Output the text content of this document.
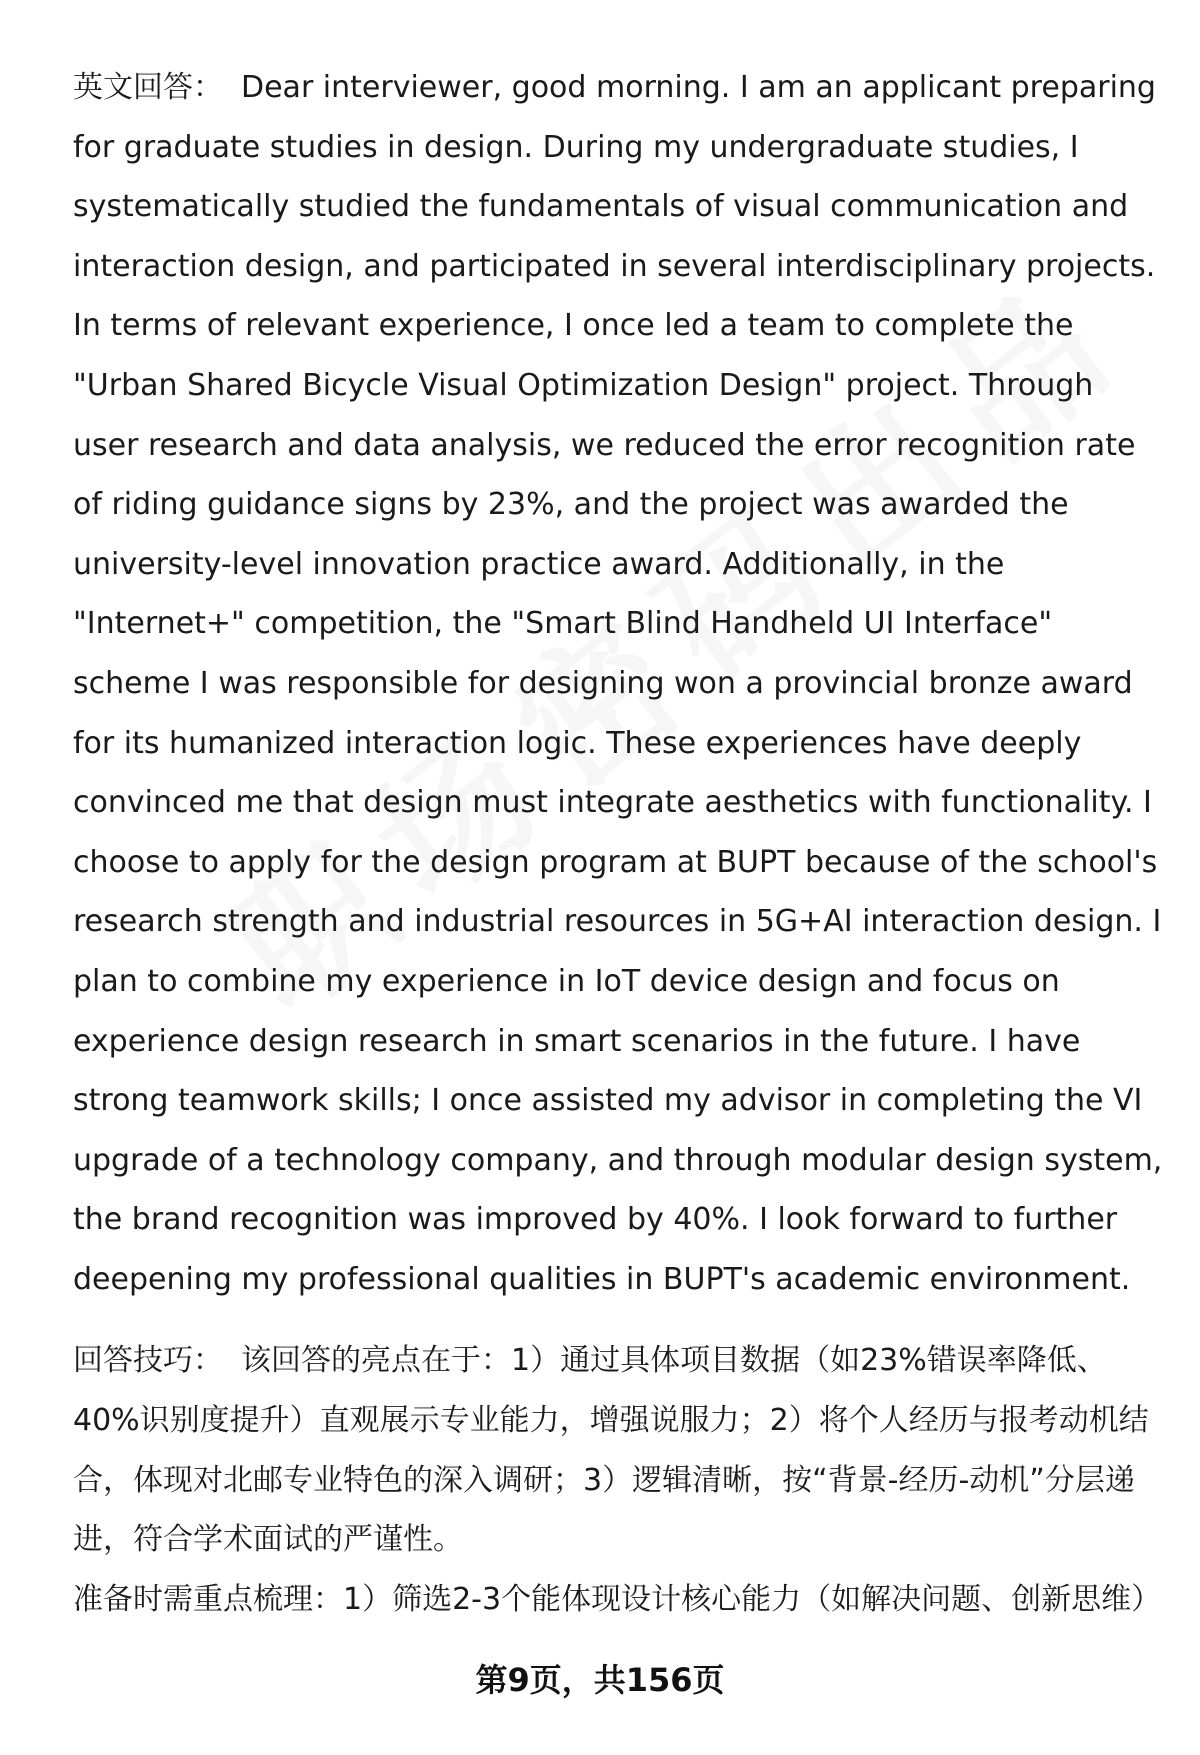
英文回答： Dear interviewer, good morning. I am an applicant preparing for graduate studies in design. During my undergraduate studies, I systematically studied the fundamentals of visual communication and interaction design, and participated in several interdisciplinary projects. In terms of relevant experience, I once led a team to complete the "Urban Shared Bicycle Visual Optimization Design" project. Through user research and data analysis, we reduced the error recognition rate of riding guidance signs by 23%, and the project was awarded the university-level innovation practice award. Additionally, in the "Internet+" competition, the "Smart Blind Handheld UI Interface" scheme I was responsible for designing won a provincial bronze award for its humanized interaction logic. These experiences have deeply convinced me that design must integrate aesthetics with functionality. I choose to apply for the design program at BUPT because of the school's research strength and industrial resources in 5G+AI interaction design. I plan to combine my experience in IoT device design and focus on experience design research in smart scenarios in the future. I have strong teamwork skills; I once assisted my advisor in completing the VI upgrade of a technology company, and through modular design system, the brand recognition was improved by 40%. I look forward to further deepening my professional qualities in BUPT's academic environment.

回答技巧： 该回答的亮点在于：1）通过具体项目数据（如23%错误率降低、40%识别度提升）直观展示专业能力，增强说服力；2）将个人经历与报考动机结合，体现对北邮专业特色的深入调研；3）逻辑清晰，按“背景-经历-动机”分层递进，符合学术面试的严谨性。

准备时需重点梳理：1）筛选2-3个能体现设计核心能力（如解决问题、创新思维）

第9页，共156页
